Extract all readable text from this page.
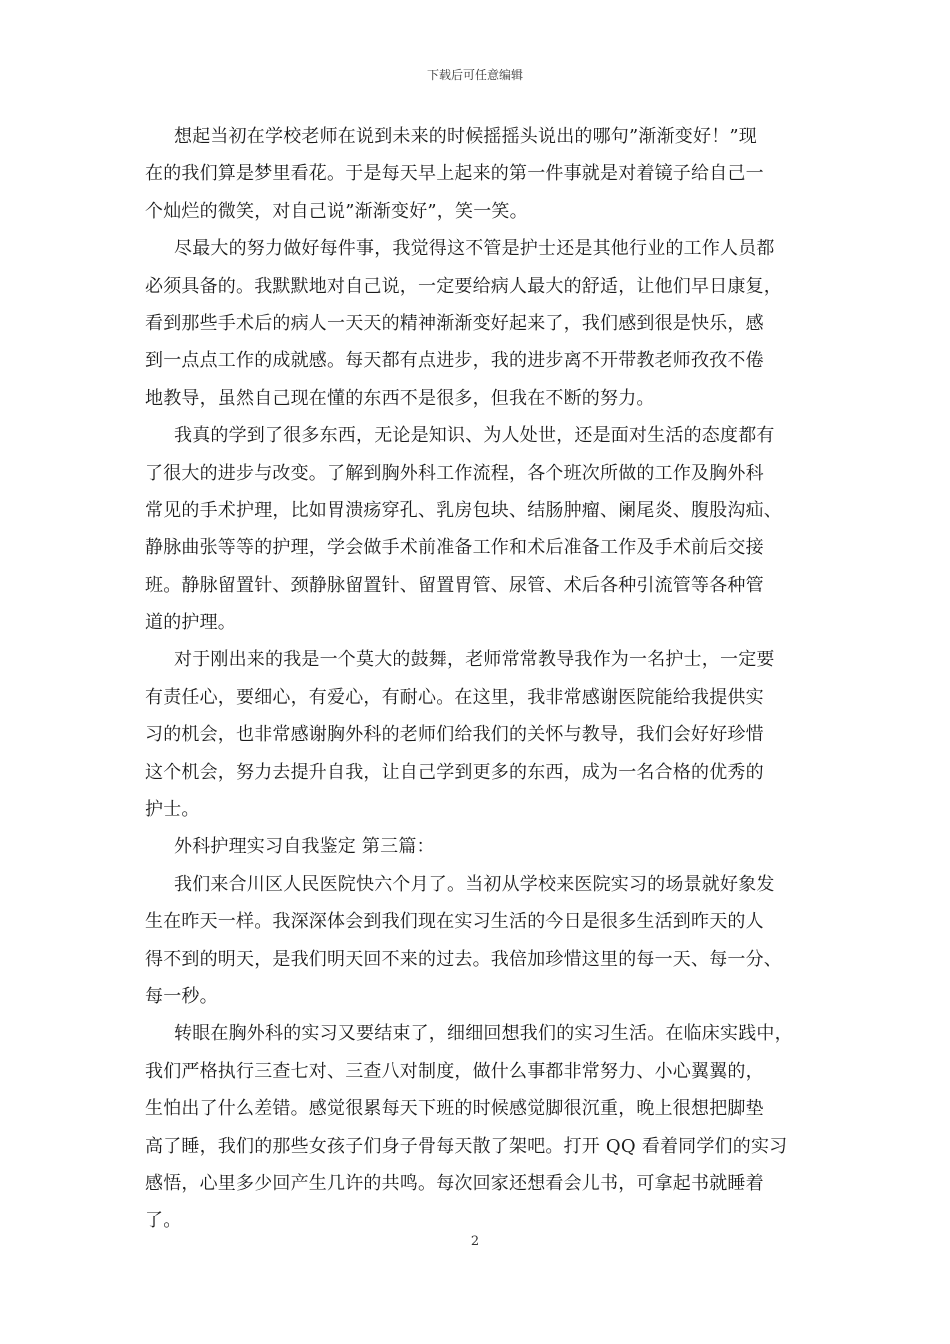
下载后可任意编辑
想起当初在学校老师在说到未来的时候摇摇头说出的哪句”渐渐变好！”现
在的我们算是梦里看花。于是每天早上起来的第一件事就是对着镜子给自己一
个灿烂的微笑，对自己说”渐渐变好”，笑一笑。
尽最大的努力做好每件事，我觉得这不管是护士还是其他行业的工作人员都
必须具备的。我默默地对自己说，一定要给病人最大的舒适，让他们早日康复，
看到那些手术后的病人一天天的精神渐渐变好起来了，我们感到很是快乐，感
到一点点工作的成就感。每天都有点进步，我的进步离不开带教老师孜孜不倦
地教导，虽然自己现在懂的东西不是很多，但我在不断的努力。
我真的学到了很多东西，无论是知识、为人处世，还是面对生活的态度都有
了很大的进步与改变。了解到胸外科工作流程，各个班次所做的工作及胸外科
常见的手术护理，比如胃溃疡穿孔、乳房包块、结肠肿瘤、阑尾炎、腹股沟疝、
静脉曲张等等的护理，学会做手术前准备工作和术后准备工作及手术前后交接
班。静脉留置针、颈静脉留置针、留置胃管、尿管、术后各种引流管等各种管
道的护理。
对于刚出来的我是一个莫大的鼓舞，老师常常教导我作为一名护士，一定要
有责任心，要细心，有爱心，有耐心。在这里，我非常感谢医院能给我提供实
习的机会，也非常感谢胸外科的老师们给我们的关怀与教导，我们会好好珍惜
这个机会，努力去提升自我，让自己学到更多的东西，成为一名合格的优秀的
护士。
外科护理实习自我鉴定 第三篇：
我们来合川区人民医院快六个月了。当初从学校来医院实习的场景就好象发
生在昨天一样。我深深体会到我们现在实习生活的今日是很多生活到昨天的人
得不到的明天，是我们明天回不来的过去。我倍加珍惜这里的每一天、每一分、
每一秒。
转眼在胸外科的实习又要结束了，细细回想我们的实习生活。在临床实践中，
我们严格执行三查七对、三查八对制度，做什么事都非常努力、小心翼翼的，
生怕出了什么差错。感觉很累每天下班的时候感觉脚很沉重，晚上很想把脚垫
高了睡，我们的那些女孩子们身子骨每天散了架吧。打开 QQ 看着同学们的实习
感悟，心里多少回产生几许的共鸣。每次回家还想看会儿书，可拿起书就睡着
了。
2
